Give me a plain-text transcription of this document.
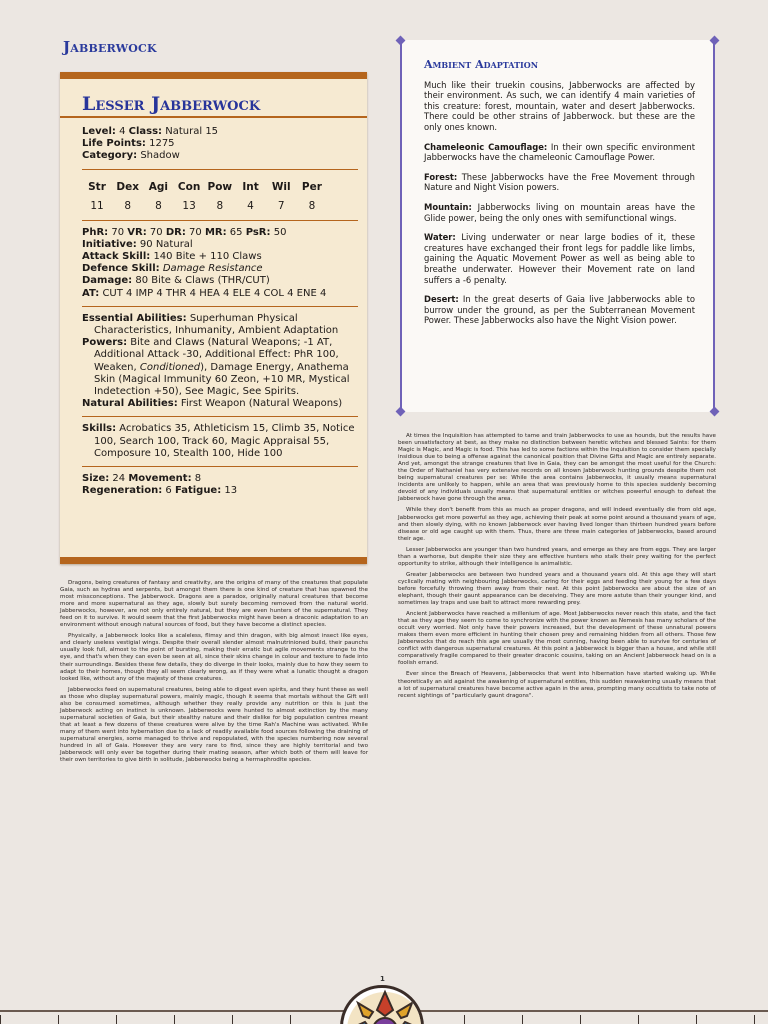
Jabberwock
Lesser Jabberwock
Level: 4 Class: Natural 15
Life Points: 1275
Category: Shadow
Str
11
Dex
8
Agi
8
Con
13
Pow
8
Int
4
Wil
7
Per
8
PhR: 70 VR: 70 DR: 70 MR: 65 PsR: 50
Initiative: 90 Natural
Attack Skill: 140 Bite + 110 Claws
Defence Skill: Damage Resistance
Damage: 80 Bite & Claws (THR/CUT)
AT: CUT 4 IMP 4 THR 4 HEA 4 ELE 4 COL 4 ENE 4
Essential Abilities: Superhuman Physical Characteristics, Inhumanity, Ambient Adaptation
Powers: Bite and Claws (Natural Weapons; -1 AT, Additional Attack -30, Additional Effect: PhR 100, Weaken, Conditioned), Damage Energy, Anathema Skin (Magical Immunity 60 Zeon, +10 MR, Mystical Indetection +50), See Magic, See Spirits.
Natural Abilities: First Weapon (Natural Weapons)
Skills: Acrobatics 35, Athleticism 15, Climb 35, Notice 100, Search 100, Track 60, Magic Appraisal 55, Composure 10, Stealth 100, Hide 100
Size: 24 Movement: 8
Regeneration: 6 Fatigue: 13
Ambient Adaptation

Much like their truekin cousins, Jabberwocks are affected by their environment. As such, we can identify 4 main varieties of this creature: forest, mountain, water and desert Jabberwocks. There could be other strains of Jabberwock. but these are the only ones known.

Chameleonic Camouflage: In their own specific environment Jabberwocks have the chameleonic Camouflage Power.

Forest: These Jabberwocks have the Free Movement through Nature and Night Vision powers.

Mountain: Jabberwocks living on mountain areas have the Glide power, being the only ones with semifunctional wings.

Water: Living underwater or near large bodies of it, these creatures have exchanged their front legs for paddle like limbs, gaining the Aquatic Movement Power as well as being able to breathe underwater. However their Movement rate on land suffers a -6 penalty.

Desert: In the great deserts of Gaia live Jabberwocks able to burrow under the ground, as per the Subterranean Movement Power. These Jabberwocks also have the Night Vision power.

Dragons, being creatures of fantasy and creativity, are the origins of many of the creatures that populate Gaia, such as hydras and serpents, but amongst them there is one kind of creature that has spawned the most missconceptions. The Jabberwock. Dragons are a paradox, originally natural creatures that become more and more supernatural as they age, slowly but surely becoming removed from the natural world. Jabberwocks, however, are not only entirely natural, but they are even hunters of the supernatural. They feed on it to survive. It would seem that the first Jabberwocks might have been a draconic adaptation to an environment without enough natural sources of food, but they have become a distinct species.

Physically, a Jabberwock looks like a scaleless, flimsy and thin dragon, with big almost insect like eyes, and clearly useless vestigial wings. Despite their overall slender almost malnutrinioned build, their paunchs usually look full, almost to the point of bursting, making their erratic but agile movements strange to the eye, and that's when they can even be seen at all, since their skins change in colour and texture to fade into their surroundings. Besides these few details, they do diverge in their looks, mainly due to how they seem to adapt to their homes, though they all seem clearly wrong, as if they were what a lunatic thought a dragon looked like, without any of the majesty of these creatures.

Jabberwocks feed on supernatural creatures, being able to digest even spirits, and they hunt these as well as those who display supernatural powers, mainly magic, though it seems that mortals without the Gift will also be consumed sometimes, although whether they really provide any nutrition or this is just the Jabberwock acting on instinct is unknown. Jabberwocks were hunted to almost extinction by the many supernatural societies of Gaia, but their stealthy nature and their dislike for big population centres meant that at least a few dozens of these creatures were alive by the time Rah's Machine was activated. While many of them went into hybernation due to a lack of readily available food sources following the draining of supernatural energies, some managed to thrive and repopulated, with the species numbering now several hundred in all of Gaia. However they are very rare to find, since they are highly territorial and two Jabberwock will only ever be together during their mating season, after which both of them will leave for their own territories to give birth in solitude, Jabberwocks being a hermaphrodite species.

At times the Inquisition has attempted to tame and train Jabberwocks to use as hounds, but the results have been unsatisfactory at best, as they make no distinction between heretic witches and blessed Saints: for them Magic is Magic, and Magic is food. This has led to some factions within the Inquisition to consider them specially insidious due to being a offense against the canonical position that Divine Gifts and Magic are entirely separate. And yet, amongst the strange creatures that live in Gaia, they can be amongst the most useful for the Church: the Order of Nathaniel has very extensive records on all known Jabberwock hunting grounds despite them not being supernatural creatures per se: While the area contains Jabberwocks, it usually means supernatural incidents are unlikely to happen, while an area that was previously home to this species suddenly becoming devoid of any individuals usually means that supernatural entities or witches powerful enough to defeat the Jabberwock have gone through the area.

While they don't benefit from this as much as proper dragons, and will indeed eventually die from old age, Jabberwocks get more powerful as they age, achieving their peak at some point around a thousand years of age, and then slowly dying, with no known Jabberwock ever having lived longer than thirteen hundred years before disease or old age caught up with them. Thus, there are three main categories of Jabberwocks, based around their age.

Lesser Jabberwocks are younger than two hundred years, and emerge as they are from eggs. They are larger than a warhorse, but despite their size they are effective hunters who stalk their prey waiting for the perfect opportunity to strike, although their intelligence is animalistic.

Greater Jabberwocks are between two hundred years and a thousand years old. At this age they will start cyclically mating with neighbouring Jabberwocks, caring for their eggs and feeding their young for a few days before forcefully throwing them away from their nest. At this point Jabberwocks are about the size of an elephant, though their gaunt appearance can be deceiving. They are more astute than their younger kind, and sometimes lay traps and use bait to attract more rewarding prey.

Ancient Jabberwocks have reached a millenium of age. Most Jabberwocks never reach this state, and the fact that as they age they seem to come to synchronize with the power known as Nemesis has many scholars of the occult very worried. Not only have their powers increased, but the development of these unnatural powers makes them even more efficient in hunting their chosen prey and remaining hidden from all others. Those few Jabberwocks that do reach this age are usually the most cunning, having been able to survive for centuries of conflict with dangerous supernatural creatures. At this point a Jabberwock is bigger than a house, and while still comparatively fragile compared to their greater draconic cousins, taking on an Ancient Jabberwock head on is a foolish errand.

Ever since the Breach of Heavens, Jabberwocks that went into hibernation have started waking up. While theoretically an aid against the awakening of supernatural entities, this sudden reawakening usually means that a lot of supernatural creatures have become active again in the area, prompting many occultists to take note of recent sightings of "particularly gaunt dragons".

1
